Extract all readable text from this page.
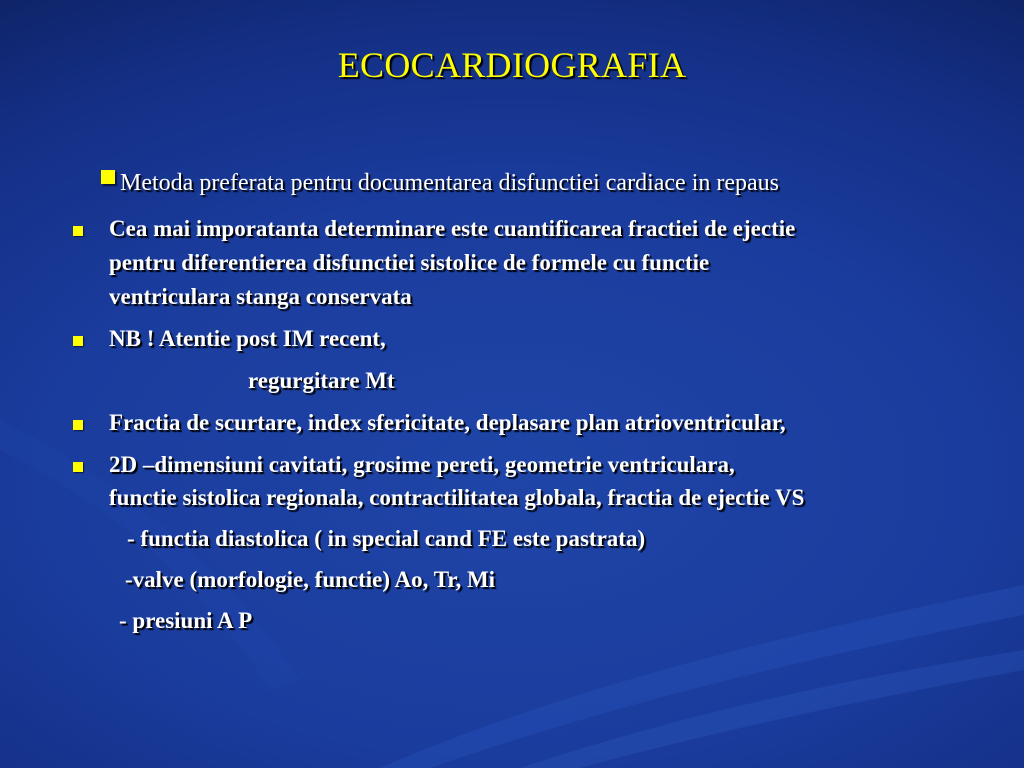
ECOCARDIOGRAFIA
Metoda preferata pentru documentarea disfunctiei cardiace in repaus
Cea mai imporatanta determinare este cuantificarea fractiei de ejectie
pentru diferentierea disfunctiei sistolice de formele cu functie
ventriculara stanga conservata
NB ! Atentie post IM recent,
regurgitare Mt
Fractia de scurtare, index sfericitate, deplasare plan atrioventricular,
2D –dimensiuni cavitati, grosime pereti, geometrie ventriculara,
functie sistolica regionala, contractilitatea globala, fractia de ejectie VS
- functia diastolica ( in special cand FE este pastrata)
-valve (morfologie, functie) Ao, Tr, Mi
- presiuni A P
